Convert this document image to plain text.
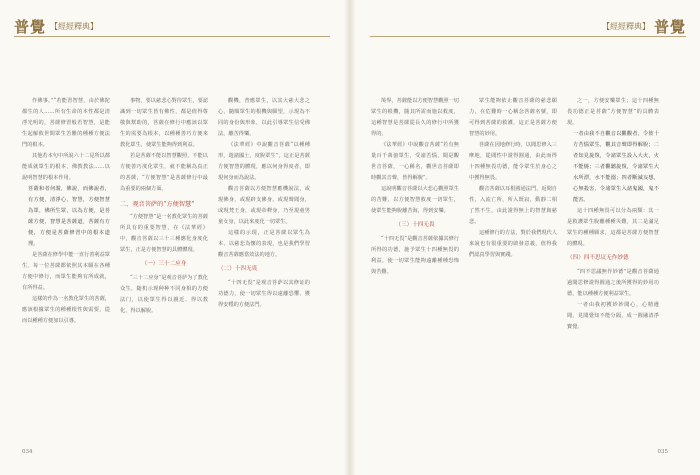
普覺 【經經釋典】	【經經釋典】 普覺

作佛事。”“若能習智慧，由於佛陀都生的人……所有生命的本性都是清淨光明的，菩薩修習般若智慧，是能生起解救世間眾生苦難的種種方便法門的根本。

其他若本句中所說六十二見所以都能成就眾生的根本，佛教教法……以說明智慧的根本作用。

菩薩和者何謂，佛說，而佛說者，有方便，清淨心，智慧，方便智慧為眾，佛所生眾，以為方便，是菩薩方便，智慧是菩薩道，菩薩有方便，方便是菩薩修習中的根本道理。

是菩薩在修學中能一直行善利益眾生。每一位菩薩都依照其本願在各種方便中修行，而眾生能夠有所成就，有所得益。

這樣的作為一名教化眾生的菩薩，應該根據眾生的種種根性與需要，從而以種種方便加以引導。

事物，要以慈悲心對待眾生，要認識到一切眾生皆有佛性，都是值得尊敬與幫助的，菩薩在修行中應該以眾生的需要為根本，以種種善巧方便來教化眾生，使眾生能夠得到利益。

若是菩薩不能以智慧觀照，不能以方便善巧度化眾生，就不能稱為真正的菩薩，“方便智慧”是菩薩修行中最為重要的兩個方面。

二、观音菩萨的“方便智慧”

“方便智慧”是一名教化眾生的菩薩所具有的重要智慧，在《法華經》中，觀音菩薩以三十三種應化身度化眾生，正是方便智慧的具體體現。

（一）三十二应身

“三十二应身”是观音菩萨为了教化众生，随机示现种种不同身相的方便法门，以使眾生得以親近、得以教化、得以解脫。

觀機，普應眾生，以其大慈大悲之心，隨順眾生的根機與願望，示現為不同的身份與形象，以此引導眾生信受佛法，離苦得樂。

《法華經》中說觀音菩薩“以種種形，遊諸國土，度脫眾生”，這正是菩薩方便智慧的體現，應以何身得度者，即現何身而為說法。

觀音菩薩以方便智慧應機說法，或現佛身，或現辟支佛身，或現聲聞身，或現梵王身，或現帝釋身，乃至現童男童女身，以此來度化一切眾生。

這樣的示現，正是菩薩以眾生為本、以慈悲為懷的表現，也是我們學習觀音菩薩應當效法的地方。

（二）十四无畏

“十四无畏”是观音菩萨以其修证的功德力，使一切眾生得以遠離恐懼、獲得安穩的方便法門。

境界，菩薩能以方便智慧觀照一切眾生的根機，隨其所需而施以救度，這種智慧是菩薩從長久的修行中所獲得的。

《法華經》中說觀音菩薩“若有無量百千萬億眾生，受諸苦惱，聞是觀世音菩薩，一心稱名，觀世音菩薩即時觀其音聲，皆得解脫”。

這說明觀音菩薩以大悲心觀照眾生的苦難，以方便智慧救度一切眾生，使眾生能夠脫離苦海，得到安樂。

（三）十四无畏

“十四无畏”是觀音菩薩依據其修行所得的功德，施予眾生十四種無畏的利益，使一切眾生能夠遠離種種恐怖與苦難。

眾生能夠依止觀音菩薩的慈悲願力，在危難時一心稱念菩薩名號，即可得到菩薩的救護，這正是菩薩方便智慧的妙用。

菩薩在因地修行時，以聞思修入三摩地，從聞性中證得圓通，由此而得十四種無畏功德，能令眾生於身心之中獲得無畏。

觀音菩薩以耳根圓通法門，返聞自性，入流亡所，所入既寂，動靜二相了然不生，由此證得無上的智慧與慈悲。

這種修行的方法，對於我們現代人來說也有很重要的啟發意義，值得我們認真學習與實踐。

之一，方便安樂眾生；這十四種無畏功德正是菩薩“方便智慧”的具體表現。

一者由我不自觀音以觀觀者，令彼十方苦惱眾生，觀其音聲即得解脫；二者知見旋復，令諸眾生設入大火，火不能燒；三者觀聽旋復，令諸眾生大水所漂，水不能溺；四者斷滅妄想，心無殺害，令諸眾生入諸鬼國，鬼不能害。

這十四種無畏可以分為兩類：其一是救護眾生脫離種種災難，其二是滿足眾生的種種願求，這都是菩薩方便智慧的體現。

（四）四不思议无作妙德

“四不思議無作妙德”是觀音菩薩通過聞思修證得圓通之後所獲得的妙用功德，能以種種方便利益眾生。

一者由我初獲妙妙聞心，心精遺聞，見聞覺知不能分隔，成一圓融清淨寶覺。

034	035
